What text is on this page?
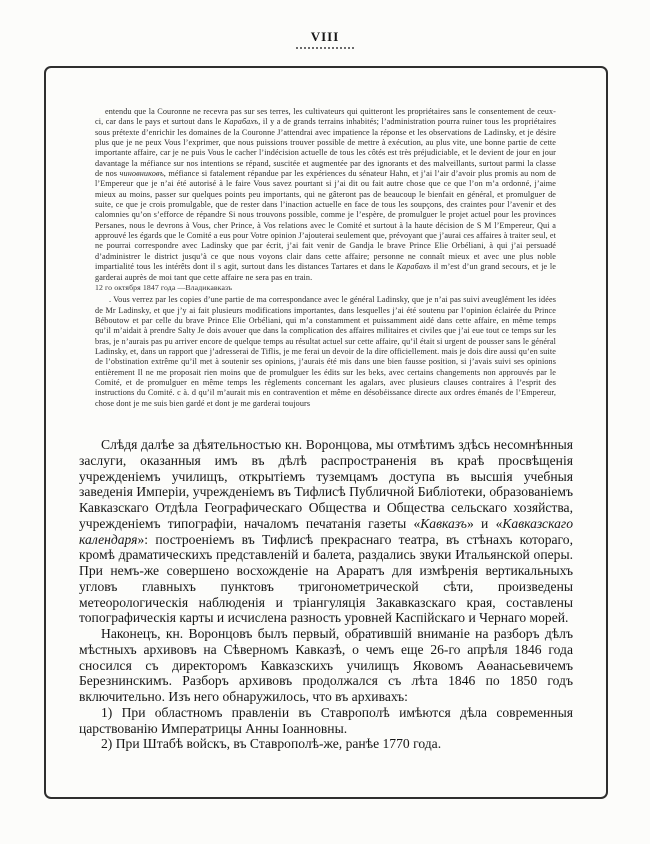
VIII

entendu que la Couronne ne recevra pas sur ses terres, les cultivateurs qui quitteront les propriétaires sans le consentement de ceux-ci, car dans le pays et surtout dans le Карабахъ, il y a de grands terrains inhabités; l’administration pourra ruiner tous les propriétaires sous prétexte d’enrichir les domaines de la Couronne J’attendrai avec impatience la réponse et les observations de Ladinsky, et je désire plus que je ne peux Vous l’exprimer, que nous puissions trouver possible de mettre à exécution, au plus vite, une bonne partie de cette importante affaire, car je ne puis Vous le cacher l’indécision actuelle de tous les côtés est très préjudiciable, et le devient de jour en jour davantage la méfiance sur nos intentions se répand, suscitée et augmentée par des ignorants et des malveillants, surtout parmi la classe de nos чиновниковъ, méfiance si fatalement répandue par les expériences du sénateur Hahn, et j’ai l’air d’avoir plus promis au nom de l’Empereur que je n’ai été autorisé à le faire Vous savez pourtant si j’ai dit ou fait autre chose que ce que l’on m’a ordonné, j’aime mieux au moins, passer sur quelques points peu importants, qui ne gâteront pas de beaucoup le bienfait en général, et promulguer de suite, ce que je crois promulgable, que de rester dans l’inaction actuelle en face de tous les soupçons, des craintes pour l’avenir et des calomnies qu’on s’efforce de répandre Si nous trouvons possible, comme je l’espère, de promulguer le projet actuel pour les provinces Persanes, nous le devrons à Vous, cher Prince, à Vos relations avec le Comité et surtout à la haute décision de S M l’Empereur, Qui a approuvé les égards que le Comité a eus pour Votre opinion J’ajouterai seulement que, prévoyant que j’aurai ces affaires à traiter seul, et ne pourrai correspondre avec Ladinsky que par écrit, j’ai fait venir de Gandja le brave Prince Elie Orbéliani, à qui j’ai persuadé d’administrer le district jusqu’à ce que nous voyons clair dans cette affaire; personne ne connaît mieux et avec une plus noble impartialité tous les intérêts dont il s agit, surtout dans les distances Tartares et dans le Карабахъ il m’est d’un grand secours, et je le garderai auprès de moi tant que cette affaire ne sera pas en train.

12 го октября 1847 года —Владикавказъ

. Vous verrez par les copies d’une partie de ma correspondance avec le général Ladinsky, que je n’ai pas suivi aveuglément les idées de Mr Ladinsky, et que j’y ai fait plusieurs modifications importantes, dans lesquelles j’ai été soutenu par l’opinion éclairée du Prince Béboutow et par celle du brave Prince Elie Orbéliani, qui m’a constamment et puissamment aidé dans cette affaire, en même temps qu’il m’aidait à prendre Salty Je dois avouer que dans la complication des affaires militaires et civiles que j’ai eue tout ce temps sur les bras, je n’aurais pas pu arriver encore de quelque temps au résultat actuel sur cette affaire, qu’il était si urgent de pousser sans le général Ladinsky, et, dans un rapport que j’adresserai de Tiflis, je me ferai un devoir de la dire officiellement. mais je dois dire aussi qu’en suite de l’obstination extrême qu’il met à soutenir ses opinions, j’aurais été mis dans une bien fausse position, si j’avais suivi ses opinions entièrement Il ne me proposait rien moins que de promulguer les édits sur les beks, avec certains changements non approuvés par le Comité, et de promulguer en même temps les règlements concernant les agalars, avec plusieurs clauses contraires à l’esprit des instructions du Comité. c à. d qu’il m’aurait mis en contravention et même en désobéissance directe aux ordres émanés de l’Empereur, chose dont je me suis bien gardé et dont je me garderai toujours

Слѣдя далѣе за дѣятельностью кн. Воронцова, мы отмѣтимъ здѣсь несомнѣнныя заслуги, оказанныя имъ въ дѣлѣ распространенія въ краѣ просвѣщенія учрежденіемъ училищъ, открытіемъ туземцамъ доступа въ высшія учебныя заведенія Имперіи, учрежденіемъ въ Тифлисѣ Публичной Библіотеки, образованіемъ Кавказскаго Отдѣла Географическаго Общества и Общества сельскаго хозяйства, учрежденіемъ типографіи, началомъ печатанія газеты «Кавказъ» и «Кавказскаго календаря»: построеніемъ въ Тифлисѣ прекраснаго театра, въ стѣнахъ котораго, кромѣ драматическихъ представленій и балета, раздались звуки Итальянской оперы. При немъ-же совершено восхожденіе на Араратъ для измѣренія вертикальныхъ угловъ главныхъ пунктовъ тригонометрической сѣти, произведены метеорологическія наблюденія и тріангуляція Закавказскаго края, составлены топографическія карты и исчислена разность уровней Каспійскаго и Чернаго морей.

Наконецъ, кн. Воронцовъ былъ первый, обратившій вниманіе на разборъ дѣлъ мѣстныхъ архивовъ на Сѣверномъ Кавказѣ, о чемъ еще 26-го апрѣля 1846 года сносился съ директоромъ Кавказскихъ училищъ Яковомъ Аѳанасьевичемъ Березнинскимъ. Разборъ архивовъ продолжался съ лѣта 1846 по 1850 годъ включительно. Изъ него обнаружилось, что въ архивахъ:

1) При областномъ правленіи въ Ставрополѣ имѣются дѣла современныя царствованію Императрицы Анны Іоанновны.

2) При Штабѣ войскъ, въ Ставрополѣ-же, ранѣе 1770 года.
